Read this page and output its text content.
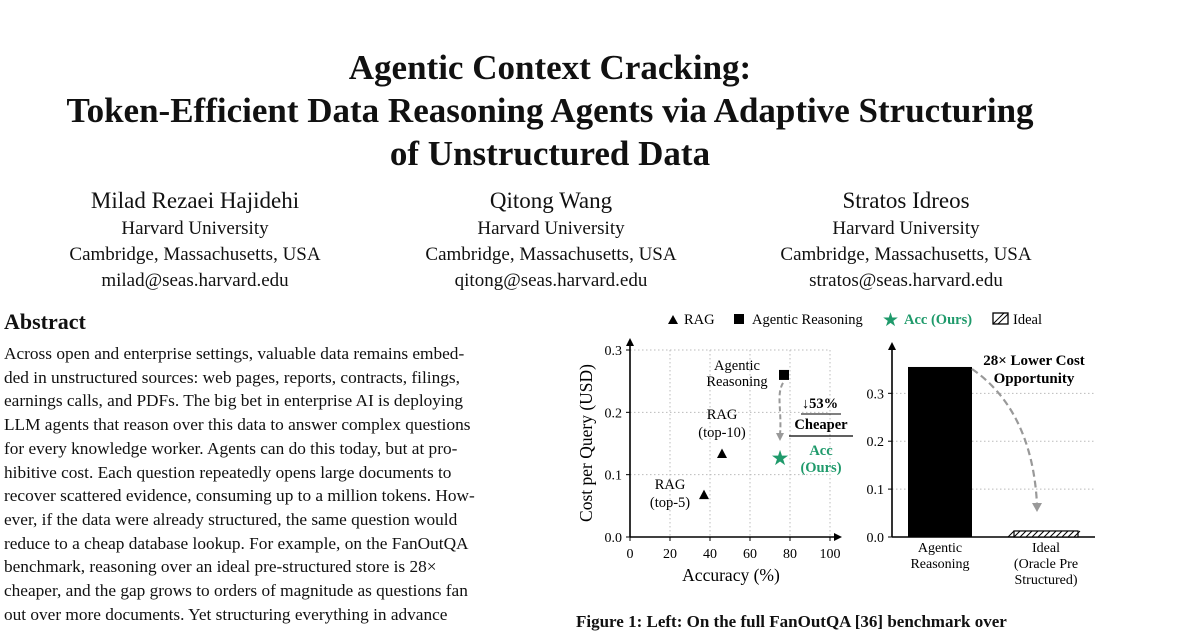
Agentic Context Cracking:
Token-Efficient Data Reasoning Agents via Adaptive Structuring
of Unstructured Data
Milad Rezaei Hajidehi
Harvard University
Cambridge, Massachusetts, USA
milad@seas.harvard.edu
Qitong Wang
Harvard University
Cambridge, Massachusetts, USA
qitong@seas.harvard.edu
Stratos Idreos
Harvard University
Cambridge, Massachusetts, USA
stratos@seas.harvard.edu
Abstract
Across open and enterprise settings, valuable data remains embed-
ded in unstructured sources: web pages, reports, contracts, filings,
earnings calls, and PDFs. The big bet in enterprise AI is deploying
LLM agents that reason over this data to answer complex questions
for every knowledge worker. Agents can do this today, but at pro-
hibitive cost. Each question repeatedly opens large documents to
recover scattered evidence, consuming up to a million tokens. How-
ever, if the data were already structured, the same question would
reduce to a cheap database lookup. For example, on the FanOutQA
benchmark, reasoning over an ideal pre-structured store is 28×
cheaper, and the gap grows to orders of magnitude as questions fan
out over more documents. Yet structuring everything in advance
RAG	Agentic Reasoning ★ Acc (Ours)	Ideal
0 20 40 60 80 100
0.0
0.1
0.2
0.3
Accuracy (%)
Cost per Query (USD)	RAG
(top-5)
RAG
(top-10)
Agentic
Reasoning
★ Acc
(Ours)
↓53%
Cheaper
0.0
0.1
0.2
0.3
Agentic
Reasoning
Ideal
(Oracle Pre
Structured)
28× Lower Cost
Opportunity

Figure 1: Left: On the full FanOutQA [36] benchmark over
